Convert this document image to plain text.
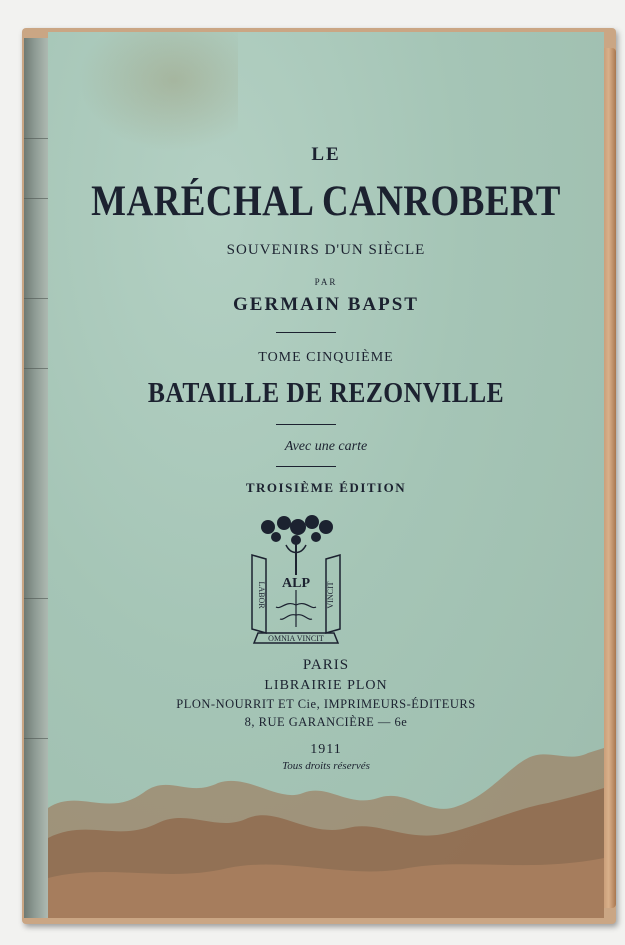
LE

MARÉCHAL CANROBERT

SOUVENIRS D'UN SIÈCLE

PAR

GERMAIN BAPST

TOME CINQUIÈME

BATAILLE DE REZONVILLE

Avec une carte

TROISIÈME ÉDITION

LABOR	VINCIT
ALP
OMNIA VINCIT

PARIS

LIBRAIRIE PLON

PLON-NOURRIT ET Cie, IMPRIMEURS-ÉDITEURS

8, RUE GARANCIÈRE — 6e

1911

Tous droits réservés
